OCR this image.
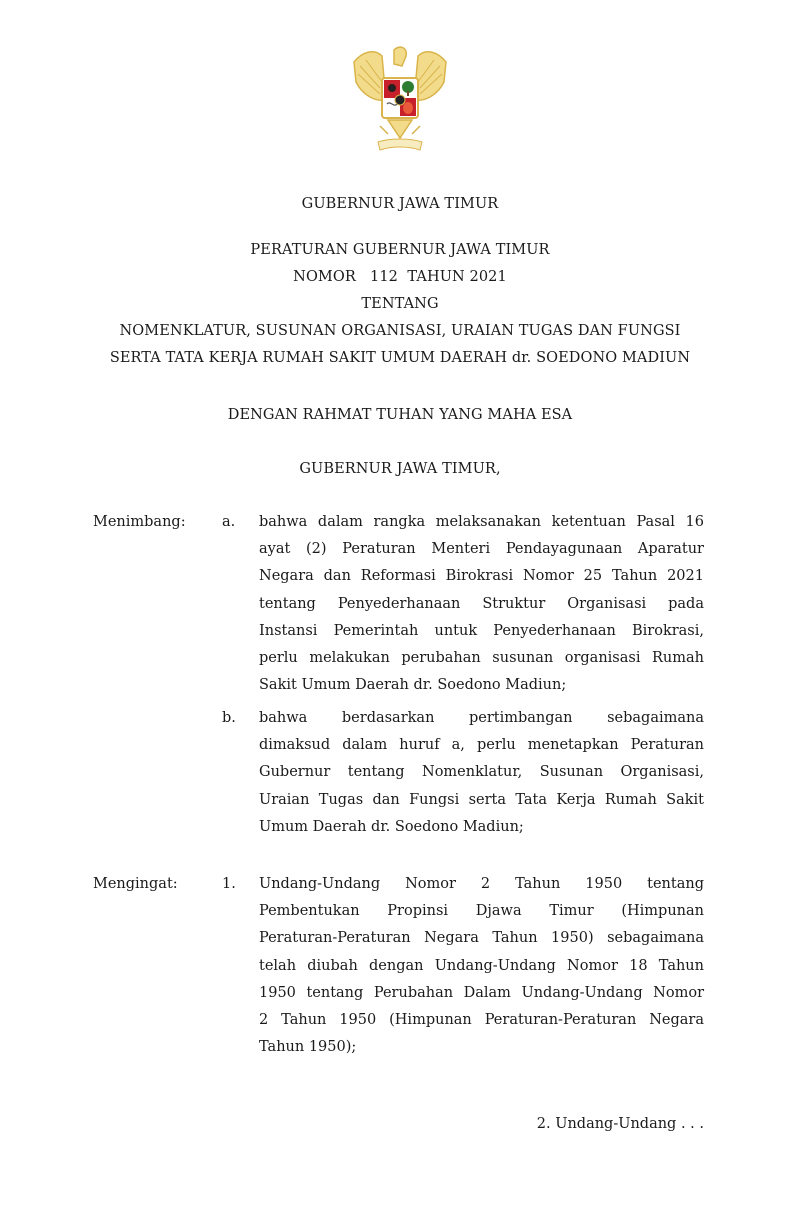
GUBERNUR JAWA TIMUR
PERATURAN GUBERNUR JAWA TIMUR
NOMOR   112  TAHUN 2021
TENTANG
NOMENKLATUR, SUSUNAN ORGANISASI, URAIAN TUGAS DAN FUNGSI
SERTA TATA KERJA RUMAH SAKIT UMUM DAERAH dr. SOEDONO MADIUN
DENGAN RAHMAT TUHAN YANG MAHA ESA
GUBERNUR JAWA TIMUR,
Menimbang:	a. bahwa dalam rangka melaksanakan ketentuan Pasal 16
ayat (2) Peraturan Menteri Pendayagunaan Aparatur
Negara dan Reformasi Birokrasi Nomor 25 Tahun 2021
tentang Penyederhanaan Struktur Organisasi pada
Instansi Pemerintah untuk Penyederhanaan Birokrasi,
perlu melakukan perubahan susunan organisasi Rumah
Sakit Umum Daerah dr. Soedono Madiun;
b. bahwa berdasarkan pertimbangan sebagaimana
dimaksud dalam huruf a, perlu menetapkan Peraturan
Gubernur tentang Nomenklatur, Susunan Organisasi,
Uraian Tugas dan Fungsi serta Tata Kerja Rumah Sakit
Umum Daerah dr. Soedono Madiun;
Mengingat:	1. Undang-Undang Nomor 2 Tahun 1950 tentang
Pembentukan Propinsi Djawa Timur (Himpunan
Peraturan-Peraturan Negara Tahun 1950) sebagaimana
telah diubah dengan Undang-Undang Nomor 18 Tahun
1950 tentang Perubahan Dalam Undang-Undang Nomor
2 Tahun 1950 (Himpunan Peraturan-Peraturan Negara
Tahun 1950);
2. Undang-Undang . . .
